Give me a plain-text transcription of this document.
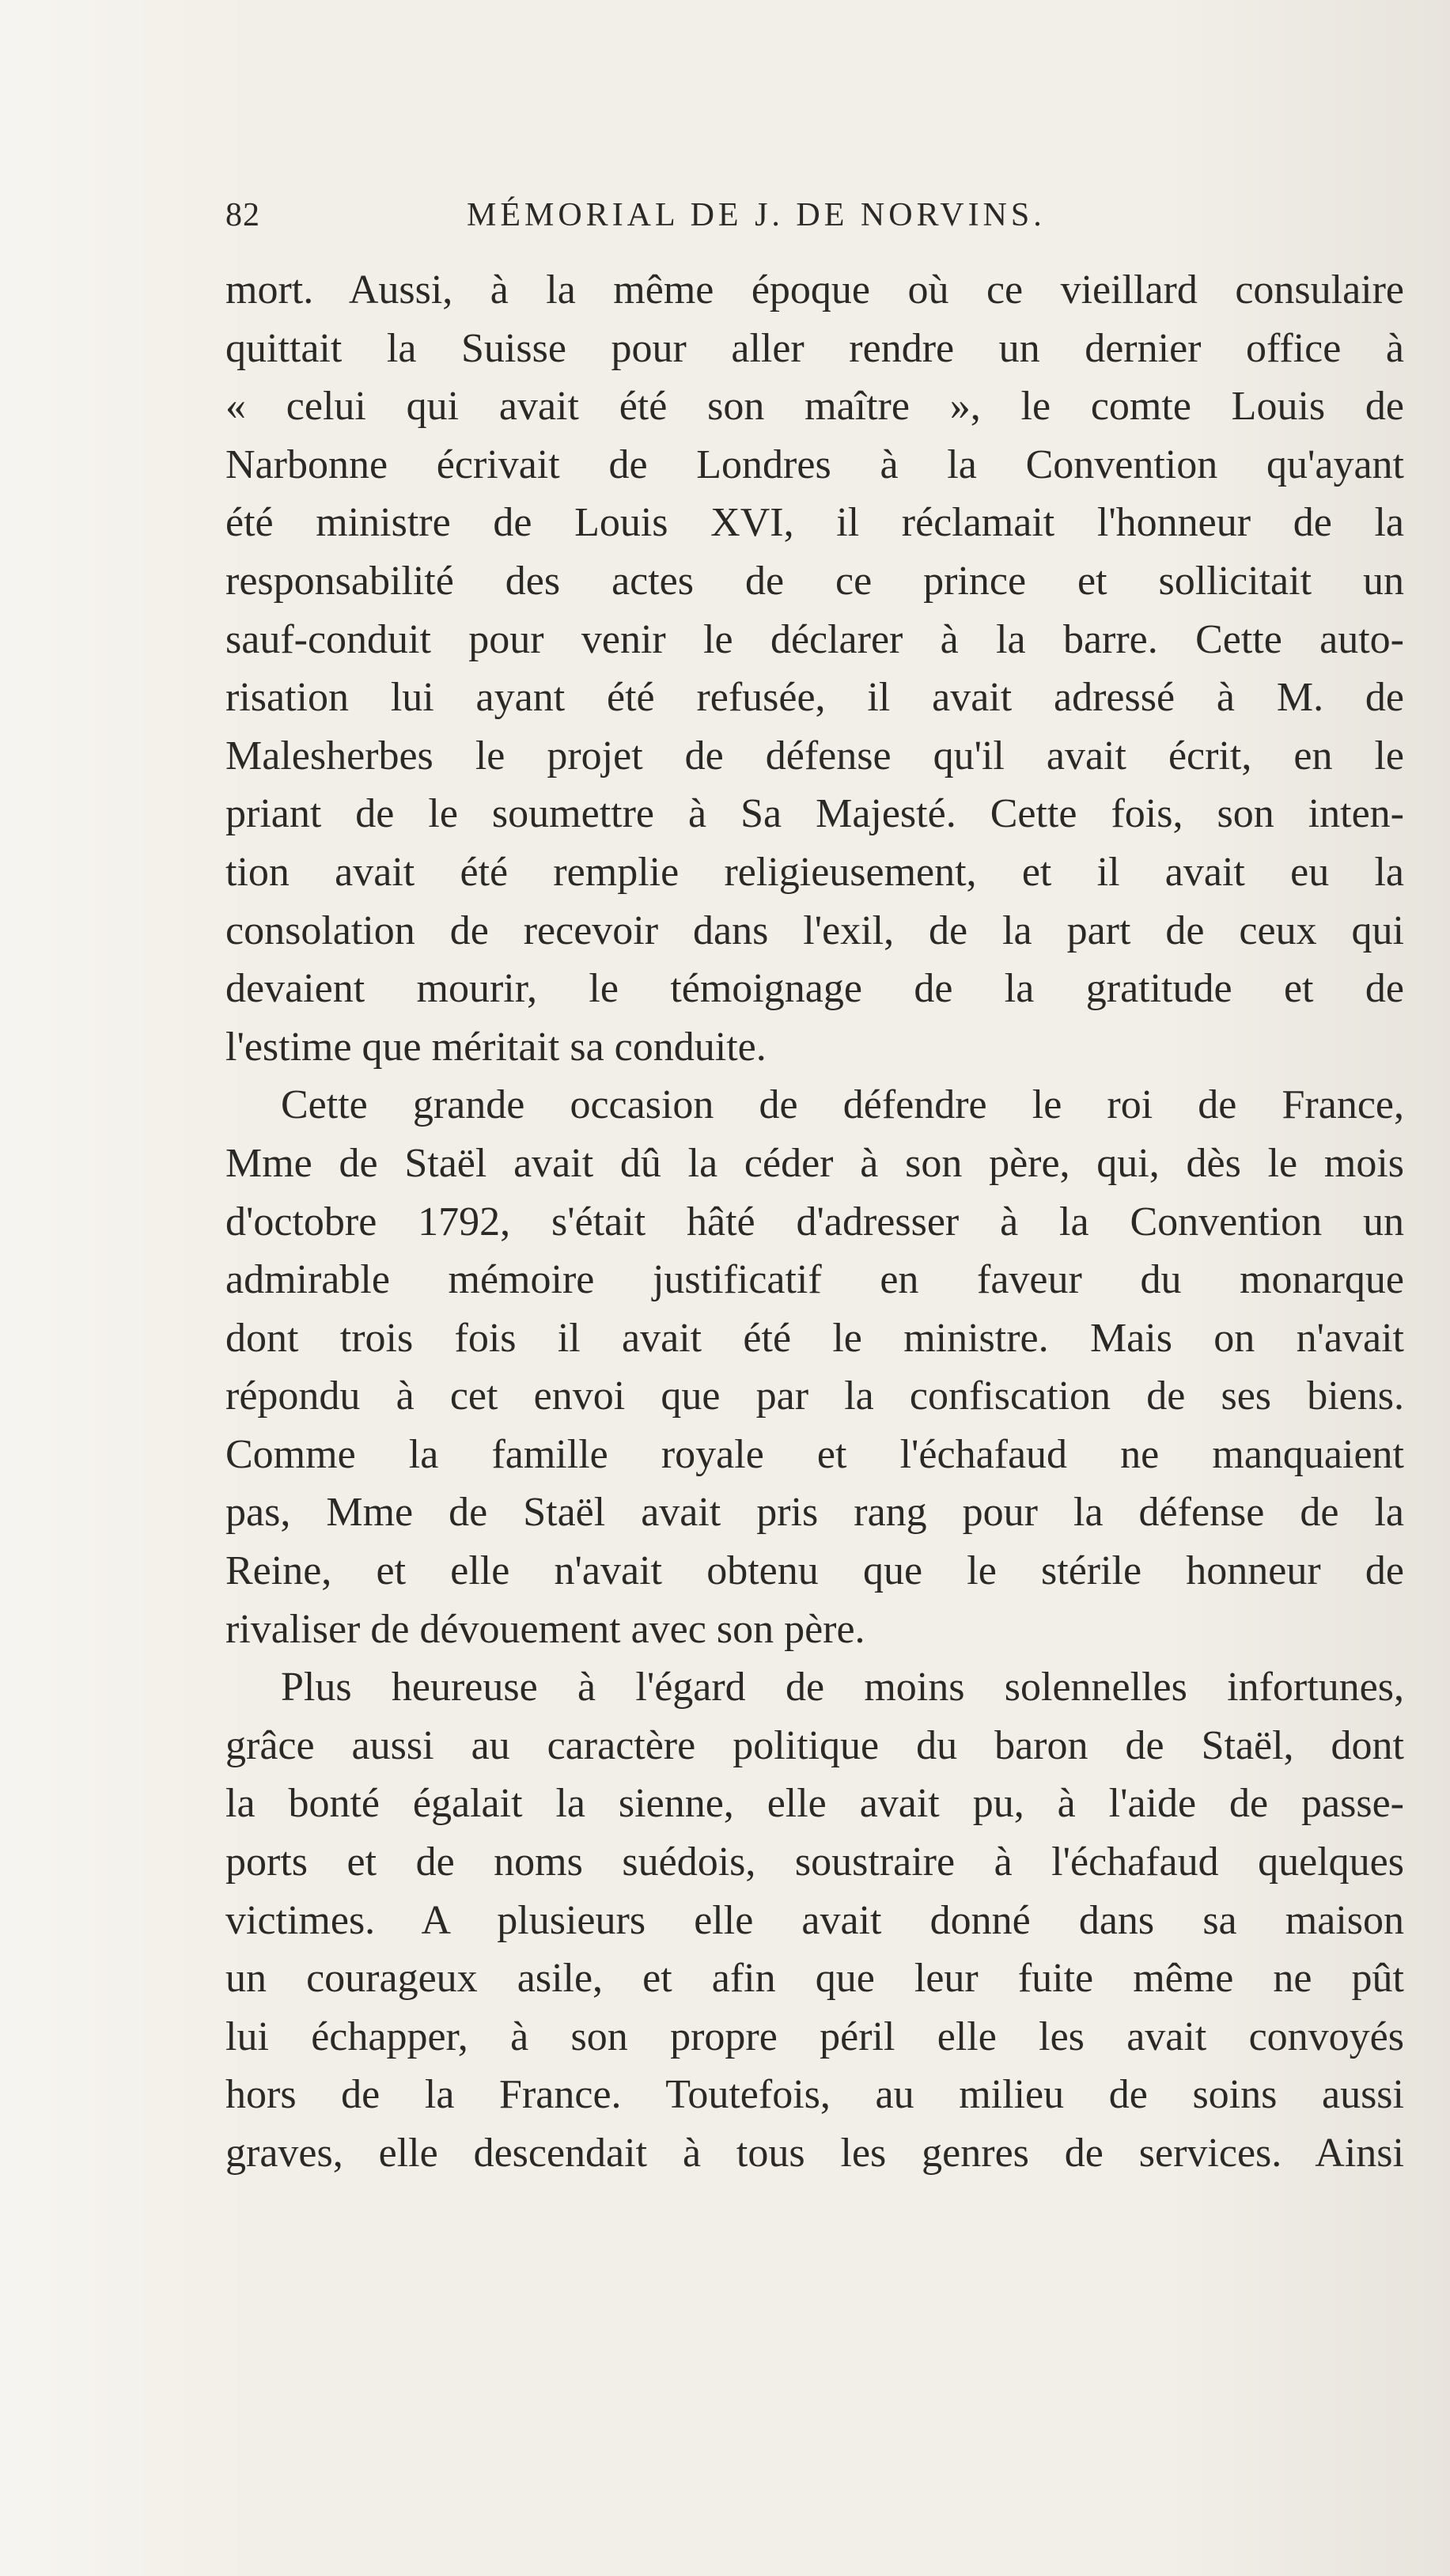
82	MÉMORIAL DE J. DE NORVINS.
mort. Aussi, à la même époque où ce vieillard consulaire
quittait la Suisse pour aller rendre un dernier office à
« celui qui avait été son maître », le comte Louis de
Narbonne écrivait de Londres à la Convention qu'ayant
été ministre de Louis XVI, il réclamait l'honneur de la
responsabilité des actes de ce prince et sollicitait un
sauf-conduit pour venir le déclarer à la barre. Cette auto-
risation lui ayant été refusée, il avait adressé à M. de
Malesherbes le projet de défense qu'il avait écrit, en le
priant de le soumettre à Sa Majesté. Cette fois, son inten-
tion avait été remplie religieusement, et il avait eu la
consolation de recevoir dans l'exil, de la part de ceux qui
devaient mourir, le témoignage de la gratitude et de
l'estime que méritait sa conduite.
Cette grande occasion de défendre le roi de France,
Mme de Staël avait dû la céder à son père, qui, dès le mois
d'octobre 1792, s'était hâté d'adresser à la Convention un
admirable mémoire justificatif en faveur du monarque
dont trois fois il avait été le ministre. Mais on n'avait
répondu à cet envoi que par la confiscation de ses biens.
Comme la famille royale et l'échafaud ne manquaient
pas, Mme de Staël avait pris rang pour la défense de la
Reine, et elle n'avait obtenu que le stérile honneur de
rivaliser de dévouement avec son père.
Plus heureuse à l'égard de moins solennelles infortunes,
grâce aussi au caractère politique du baron de Staël, dont
la bonté égalait la sienne, elle avait pu, à l'aide de passe-
ports et de noms suédois, soustraire à l'échafaud quelques
victimes. A plusieurs elle avait donné dans sa maison
un courageux asile, et afin que leur fuite même ne pût
lui échapper, à son propre péril elle les avait convoyés
hors de la France. Toutefois, au milieu de soins aussi
graves, elle descendait à tous les genres de services. Ainsi
